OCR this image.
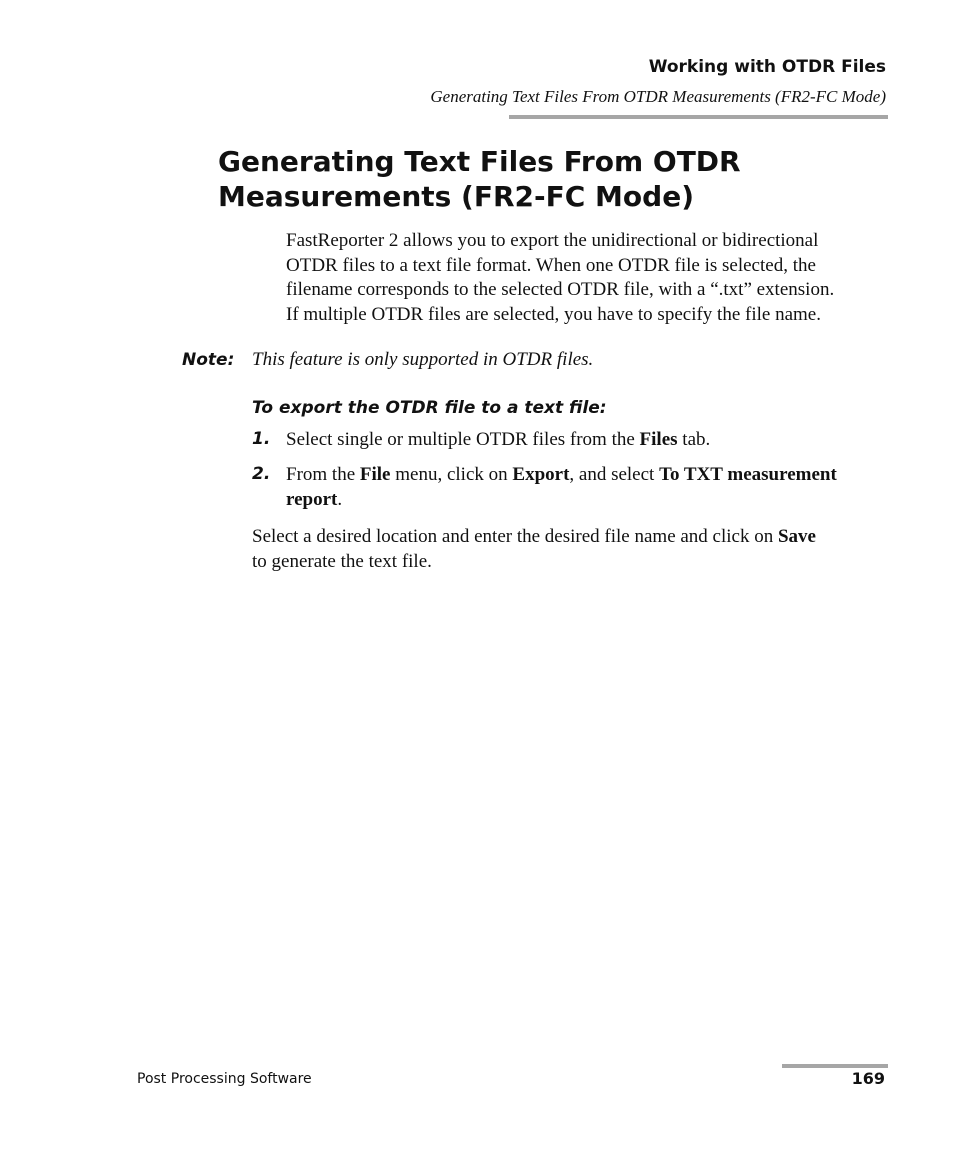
Working with OTDR Files
Generating Text Files From OTDR Measurements (FR2-FC Mode)
Generating Text Files From OTDR
Measurements (FR2-FC Mode)

FastReporter 2 allows you to export the unidirectional or bidirectional
OTDR files to a text file format. When one OTDR file is selected, the
filename corresponds to the selected OTDR file, with a “.txt” extension.
If multiple OTDR files are selected, you have to specify the file name.

Note: This feature is only supported in OTDR files.
To export the OTDR file to a text file:
1. Select single or multiple OTDR files from the Files tab.

2. From the File menu, click on Export, and select To TXT measurement
report.

Select a desired location and enter the desired file name and click on Save
to generate the text file.

Post Processing Software	169
